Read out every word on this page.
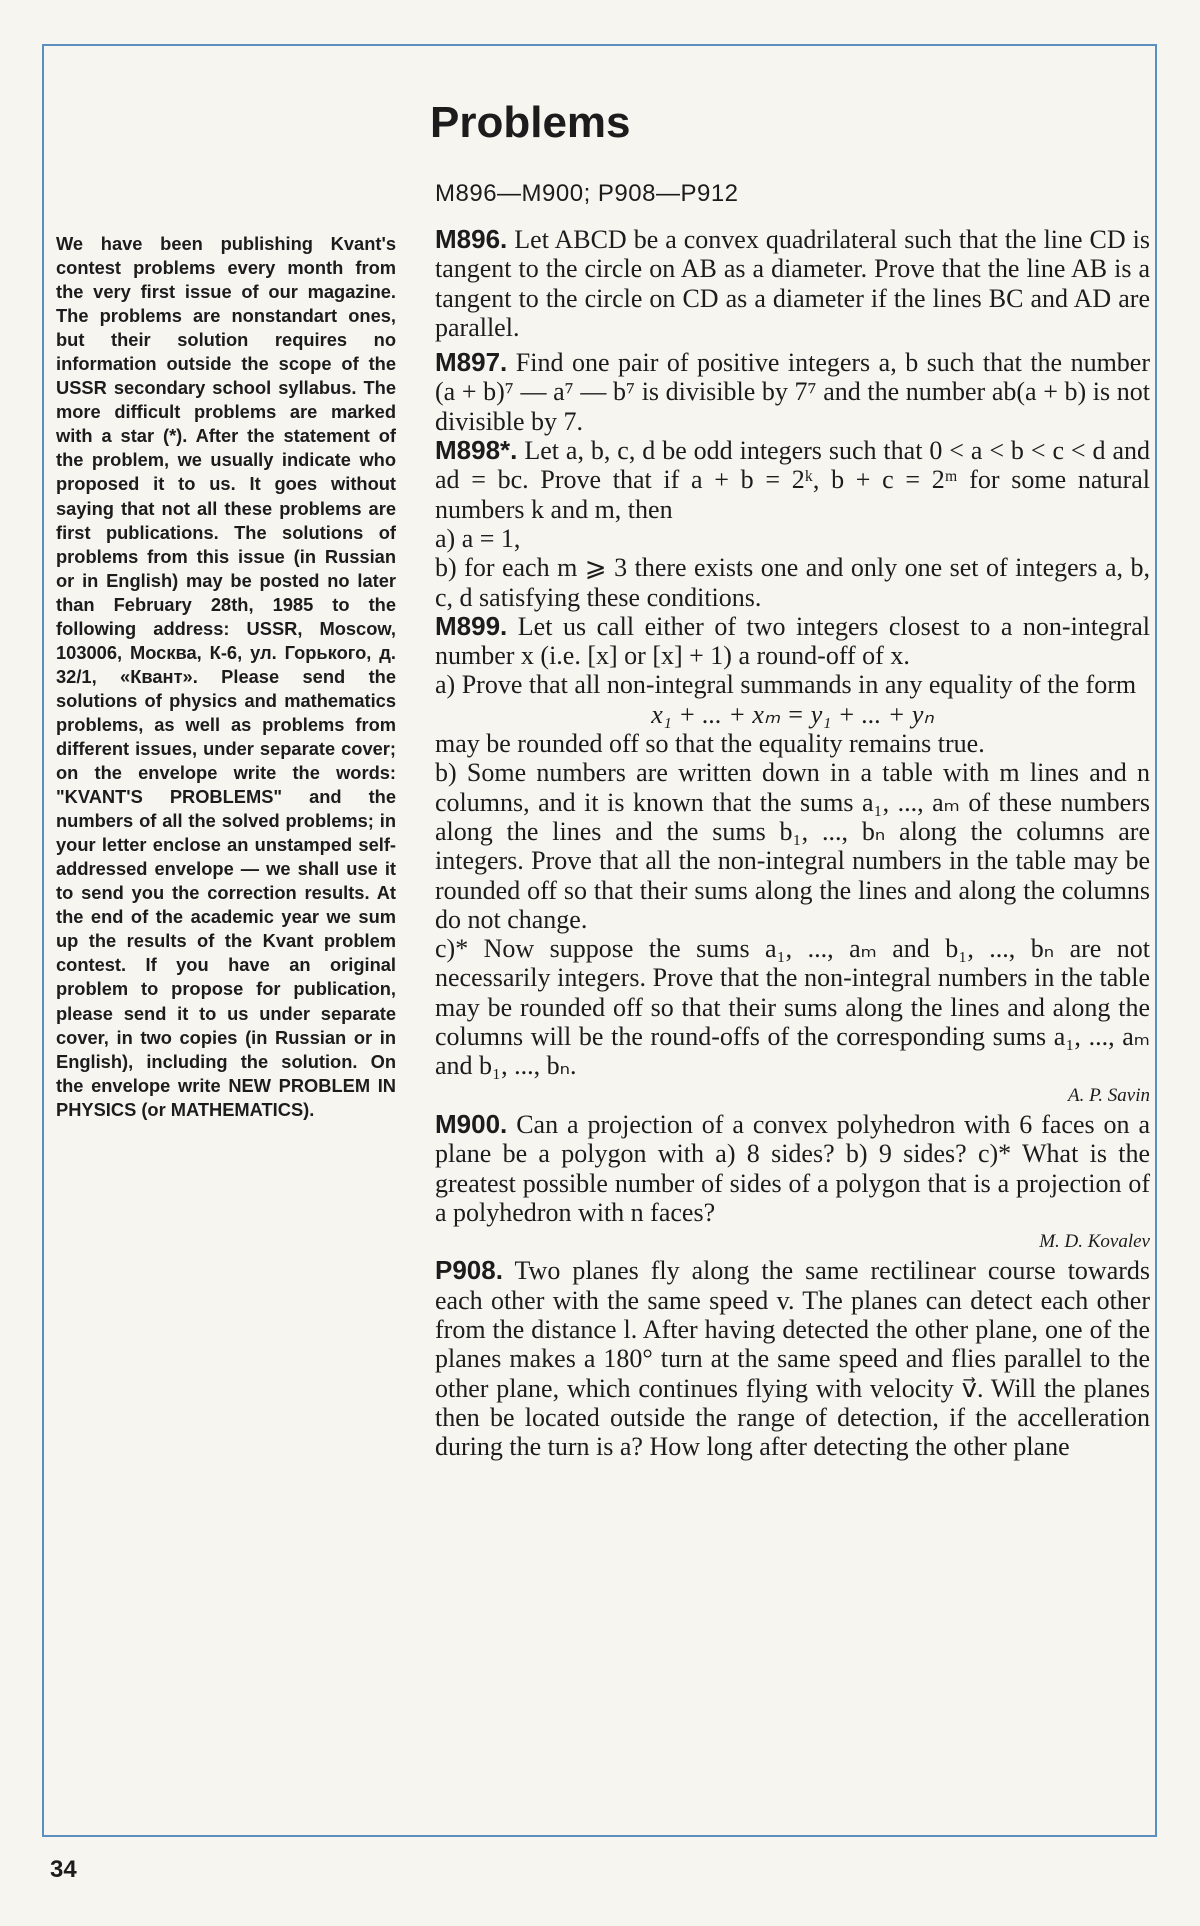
Problems
M896—M900; P908—P912

We have been publishing Kvant's contest problems every month from the very first issue of our magazine. The problems are nonstandart ones, but their solution requires no information outside the scope of the USSR secondary school syllabus. The more difficult problems are marked with a star (*). After the statement of the problem, we usually indicate who proposed it to us. It goes without saying that not all these problems are first publications. The solutions of problems from this issue (in Russian or in English) may be posted no later than February 28th, 1985 to the following address: USSR, Moscow, 103006, Москва, К-6, ул. Горького, д. 32/1, «Квант». Please send the solutions of physics and mathematics problems, as well as problems from different issues, under separate cover; on the envelope write the words: "KVANT'S PROBLEMS" and the numbers of all the solved problems; in your letter enclose an unstamped self-addressed envelope — we shall use it to send you the correction results. At the end of the academic year we sum up the results of the Kvant problem contest. If you have an original problem to propose for publication, please send it to us under separate cover, in two copies (in Russian or in English), including the solution. On the envelope write NEW PROBLEM IN PHYSICS (or MATHEMATICS).

M896. Let ABCD be a convex quadrilateral such that the line CD is tangent to the circle on AB as a diameter. Prove that the line AB is a tangent to the circle on CD as a diameter if the lines BC and AD are parallel.

M897. Find one pair of positive integers a, b such that the number (a + b)⁷ — a⁷ — b⁷ is divisible by 7⁷ and the number ab(a + b) is not divisible by 7.

M898*. Let a, b, c, d be odd integers such that 0 < a < b < c < d and ad = bc. Prove that if a + b = 2ᵏ, b + c = 2ᵐ for some natural numbers k and m, then

a) a = 1,

b) for each m ⩾ 3 there exists one and only one set of integers a, b, c, d satisfying these conditions.

M899. Let us call either of two integers closest to a non-integral number x (i.e. [x] or [x] + 1) a round-off of x.

a) Prove that all non-integral summands in any equality of the form

x₁ + ... + xₘ = y₁ + ... + yₙ

may be rounded off so that the equality remains true.

b) Some numbers are written down in a table with m lines and n columns, and it is known that the sums a₁, ..., aₘ of these numbers along the lines and the sums b₁, ..., bₙ along the columns are integers. Prove that all the non-integral numbers in the table may be rounded off so that their sums along the lines and along the columns do not change.

c)* Now suppose the sums a₁, ..., aₘ and b₁, ..., bₙ are not necessarily integers. Prove that the non-integral numbers in the table may be rounded off so that their sums along the lines and along the columns will be the round-offs of the corresponding sums a₁, ..., aₘ and b₁, ..., bₙ.

A. P. Savin

M900. Can a projection of a convex polyhedron with 6 faces on a plane be a polygon with a) 8 sides? b) 9 sides? c)* What is the greatest possible number of sides of a polygon that is a projection of a polyhedron with n faces?

M. D. Kovalev

P908. Two planes fly along the same rectilinear course towards each other with the same speed v. The planes can detect each other from the distance l. After having detected the other plane, one of the planes makes a 180° turn at the same speed and flies parallel to the other plane, which continues flying with velocity v⃗. Will the planes then be located outside the range of detection, if the accelleration during the turn is a? How long after detecting the other plane

34
